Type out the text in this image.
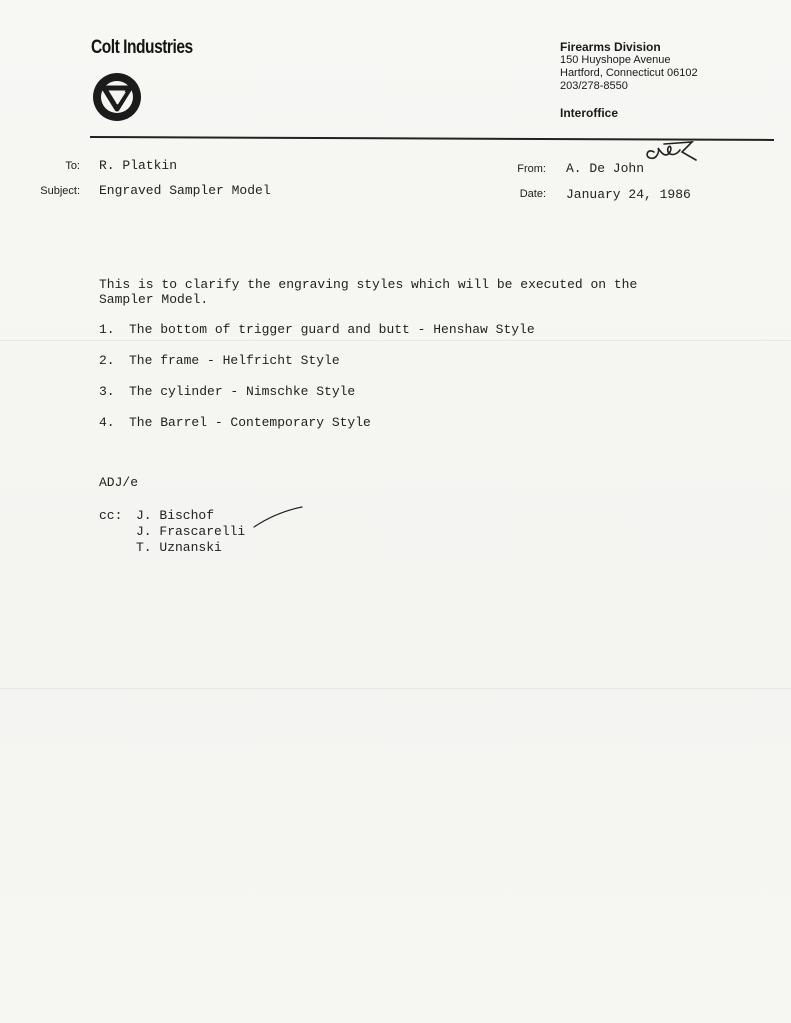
Colt Industries	Firearms Division
150 Huyshope Avenue
Hartford, Connecticut 06102
203/278-8550
Interoffice
To: R. Platkin
Subject: Engraved Sampler Model
From: A. De John
Date: January 24, 1986
This is to clarify the engraving styles which will be executed on the Sampler Model.
1. The bottom of trigger guard and butt - Henshaw Style
2. The frame - Helfricht Style
3. The cylinder - Nimschke Style
4. The Barrel - Contemporary Style
ADJ/e
cc: J. Bischof
J. Frascarelli
T. Uznanski
